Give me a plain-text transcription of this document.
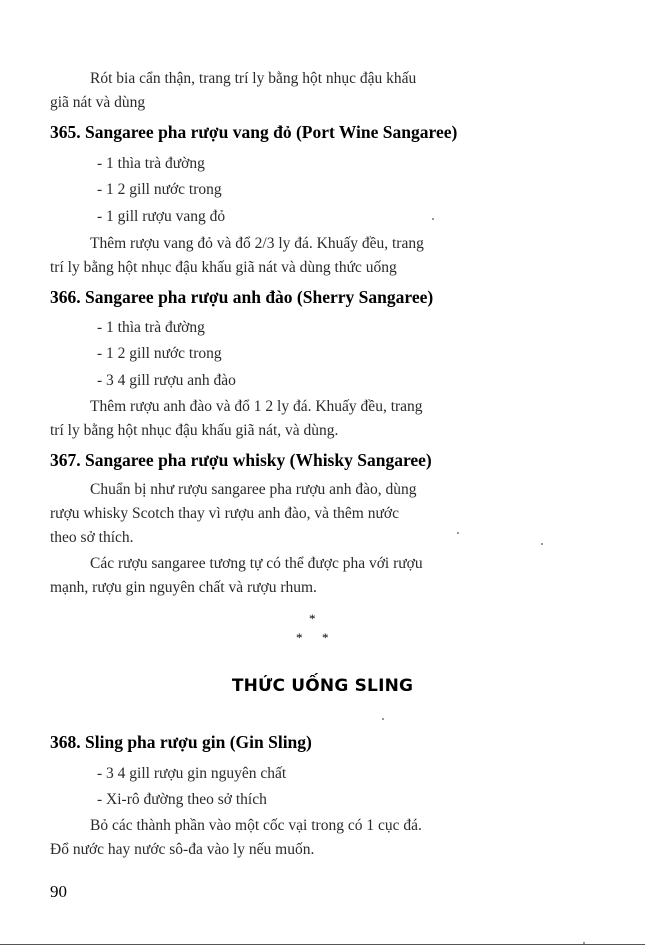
Rót bia cẩn thận, trang trí ly bằng hột nhục đậu khấu
giã nát và dùng

365. Sangaree pha rượu vang đỏ (Port Wine Sangaree)

- 1 thìa trà đường

- 1 2 gill nước trong

- 1 gill rượu vang đỏ

Thêm rượu vang đỏ và đổ 2/3 ly đá. Khuấy đều, trang
trí ly bằng hột nhục đậu khấu giã nát và dùng thức uống

366. Sangaree pha rượu anh đào (Sherry Sangaree)

- 1 thìa trà đường

- 1 2 gill nước trong

- 3 4 gill rượu anh đào

Thêm rượu anh đào và đổ 1 2 ly đá. Khuấy đều, trang
trí ly bằng hột nhục đậu khấu giã nát, và dùng.

367. Sangaree pha rượu whisky (Whisky Sangaree)

Chuẩn bị như rượu sangaree pha rượu anh đào, dùng
rượu whisky Scotch thay vì rượu anh đào, và thêm nước
theo sở thích.

Các rượu sangaree tương tự có thể được pha với rượu
mạnh, rượu gin nguyên chất và rượu rhum.

*
* *
THỨC UỐNG SLING
368. Sling pha rượu gin (Gin Sling)

- 3 4 gill rượu gin nguyên chất

- Xi-rô đường theo sở thích

Bỏ các thành phần vào một cốc vại trong có 1 cục đá.
Đổ nước hay nước sô-đa vào ly nếu muốn.

90
